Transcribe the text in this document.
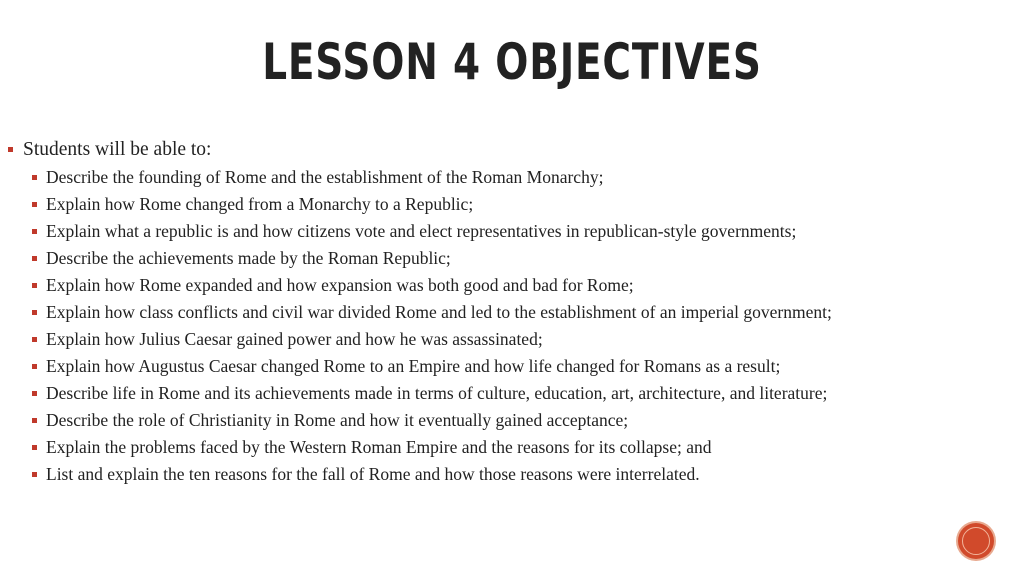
LESSON 4 OBJECTIVES
Students will be able to:
Describe the founding of Rome and the establishment of the Roman Monarchy;
Explain how Rome changed from a Monarchy to a Republic;
Explain what a republic is and how citizens vote and elect representatives in republican-style governments;
Describe the achievements made by the Roman Republic;
Explain how Rome expanded and how expansion was both good and bad for Rome;
Explain how class conflicts and civil war divided Rome and led to the establishment of an imperial government;
Explain how Julius Caesar gained power and how he was assassinated;
Explain how Augustus Caesar changed Rome to an Empire and how life changed for Romans as a result;
Describe life in Rome and its achievements made in terms of culture, education, art, architecture, and literature;
Describe the role of Christianity in Rome and how it eventually gained acceptance;
Explain the problems faced by the Western Roman Empire and the reasons for its collapse; and
List and explain the ten reasons for the fall of Rome and how those reasons were interrelated.
